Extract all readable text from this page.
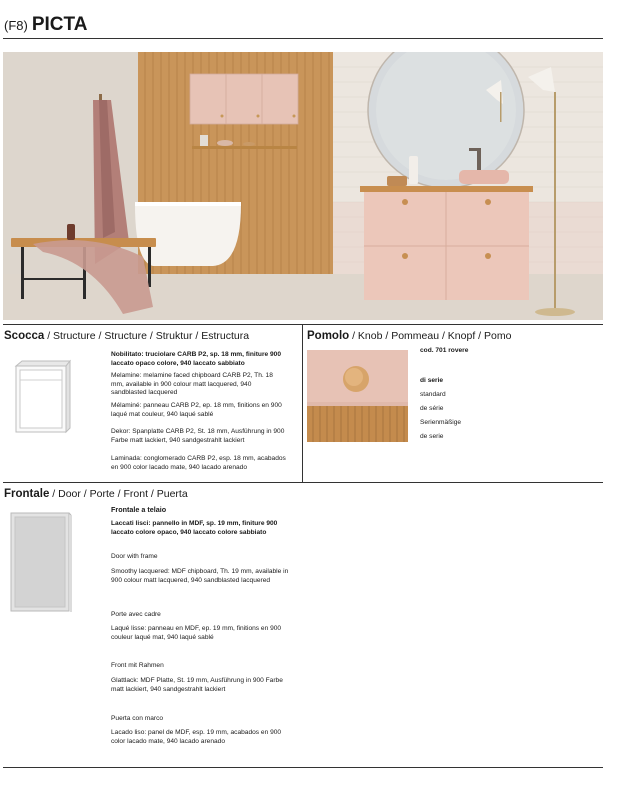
(F8) PICTA
Scocca / Structure / Structure / Struktur / Estructura
Nobilitato: truciolare CARB P2, sp. 18 mm, finiture 900 laccato opaco colore, 940 laccato sabbiato
Melamine: melamine faced chipboard CARB P2, Th. 18 mm, available in 900 colour matt lacquered, 940 sandblasted lacquered
Mélaminé: panneau CARB P2, ep. 18 mm, finitions en 900 laqué mat couleur, 940 laqué sablé
Dekor: Spanplatte CARB P2, St. 18 mm, Ausführung in 900 Farbe matt lackiert, 940 sandgestrahlt lackiert
Laminada: conglomerado CARB P2, esp. 18 mm, acabados en 900 color lacado mate, 940 lacado arenado
Pomolo / Knob / Pommeau / Knopf / Pomo
cod. 701 rovere
di serie
standard
de série
Serienmäßige
de serie
Frontale / Door / Porte / Front / Puerta
Frontale a telaio
Laccati lisci: pannello in MDF, sp. 19 mm, finiture 900 laccato colore opaco, 940 laccato colore sabbiato
Door with frame
Smoothy lacquered: MDF chipboard, Th. 19 mm, available in 900 colour matt lacquered, 940 sandblasted lacquered
Porte avec cadre
Laqué lisse: panneau en MDF, ep. 19 mm, finitions en 900 couleur laqué mat, 940 laqué sablé
Front mit Rahmen
Glattlack: MDF Platte, St. 19 mm, Ausführung in 900 Farbe matt lackiert, 940 sandgestrahlt lackiert
Puerta con marco
Lacado liso: panel de MDF, esp. 19 mm, acabados en 900 color lacado mate, 940 lacado arenado
